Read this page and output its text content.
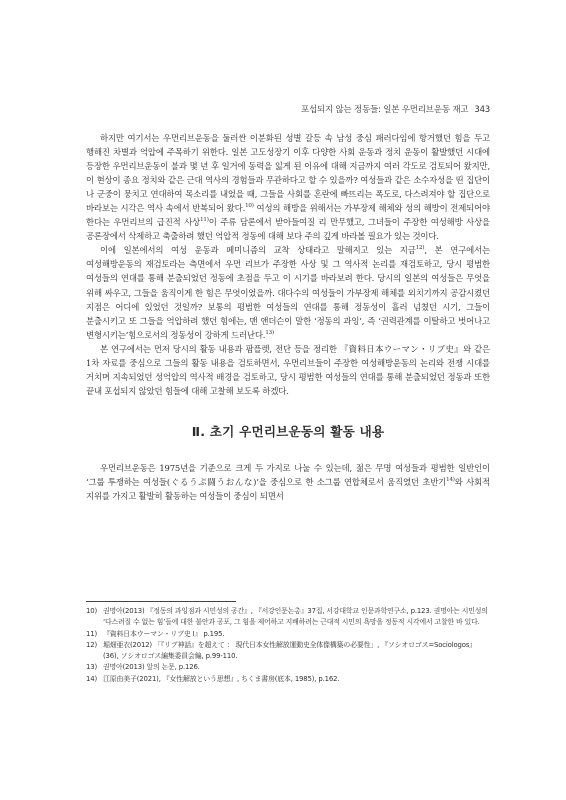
포섭되지 않는 정동들: 일본 우먼리브운동 재고 343

하지만 여기서는 우먼리브운동을 둘러싼 이분화된 성별 갈등 속 남성 중심 패러다임에 항거했던 힘을 두고 행해진 차별과 억압에 주목하기 위한다. 일본 고도성장기 이후 다양한 사회 운동과 정치 운동이 활발했던 시대에 등장한 우먼리브운동이 불과 몇 년 후 일거에 동력을 잃게 된 이유에 대해 지금까지 여러 각도로 검토되어 왔지만, 이 현상이 종요 정치와 같은 근대 역사의 경험들과 무관하다고 할 수 있을까? 여성들과 같은 소수자성을 띤 집단이 나 군중이 뭉치고 연대하여 목소리를 내었을 때, 그들을 사회를 혼란에 빠뜨리는 폭도로, 다스려져야 할 집단으로 바라보는 시각은 역사 속에서 반복되어 왔다.$^{10)}$ 여성의 해방을 위해서는 가부장제 해체와 성의 해방이 전제되어야 한다는 우먼리브의 급진적 사상$^{11)}$이 주류 담론에서 받아들여질 리 만무했고, 그녀들이 주장한 여성해방 사상을 공론장에서 삭제하고 축출하려 했던 억압적 정동에 대해 보다 주의 깊게 바라볼 필요가 있는 것이다.

이에 일본에서의 여성 운동과 페미니즘의 교착 상태라고 말해지고 있는 지금$^{12)}$, 본 연구에서는 여성해방운동의 재검토라는 측면에서 우먼 리브가 주장한 사상 및 그 역사적 논리를 재검토하고, 당시 평범한 여성들의 연대를 통해 분출되었던 정동에 초점을 두고 이 시기를 바라보려 한다. 당시의 일본의 여성들은 무엇을 위해 싸우고, 그들을 움직이게 한 힘은 무엇이었을까. 대다수의 여성들이 가부장제 해체를 외치기까지 공감시켰던 지점은 어디에 있었던 것일까? 보통의 평범한 여성들의 연대를 통해 정동성이 흘러 넘쳤던 시기, 그들이 분출시키고 또 그들을 억압하려 했던 힘에는, 맨 앤더슨이 말한 ‘정동의 과잉’, 즉 ‘권력관계를 이탈하고 벗어나고 변형시키는’힘으로서의 정동성이 강하게 드러난다.$^{13)}$

본 연구에서는 먼저 당시의 활동 내용과 팜플렛, 전단 등을 정리한 『資料日本ウーマン・リブ史』와 같은 1차 자료를 중심으로 그들의 활동 내용을 검토하면서, 우먼리브들이 주장한 여성해방운동의 논리와 전쟁 시대를 거치며 지속되었던 성억압의 역사적 배경을 검토하고, 당시 평범한 여성들의 연대를 통해 분출되었던 정동과 또한 끝내 포섭되지 않았던 힘들에 대해 고찰해 보도록 하겠다.

Ⅱ. 초기 우먼리브운동의 활동 내용

우먼리브운동은 1975년을 기준으로 크게 두 가지로 나눌 수 있는데, 젊은 무명 여성들과 평범한 일반인이 ‘그룹 투쟁하는 여성들(ぐるうぷ闘うおんな)’을 중심으로 한 소그룹 연합체로서 움직였던 초반기$^{14)}$와 사회적 지위를 가지고 활발히 활동하는 여성들이 중심이 되면서

10) 권명아(2013) 『정동의 과잉점과 시민성의 공간』, 『서강인문논총』37집, 서강대학교 인문과학연구소, p.123. 권명아는 시민성의 ‘다스려질 수 없는 힘’들에 대한 불안과 공포, 그 힘을 제어하고 지배하려는 근대적 시민의 욕망을 정동적 시각에서 고찰한 바 있다.
11) 『資料日本ウーマン・リブ史 Ⅰ』 p.195.
12) 堀畑亜衣(2012) 「『リブ神話』を超えて ： 現代日本女性解放運動史全体像構築の必要性」, 『ソシオロゴス=Sociologos』(36), ソシオロゴス編集委員会編, p.99-110.
13) 권명아(2013) 앞의 논문, p.126.
14) 江原由美子(2021), 『女性解放という思想』, ちくま書房(底本, 1985), p.162.
